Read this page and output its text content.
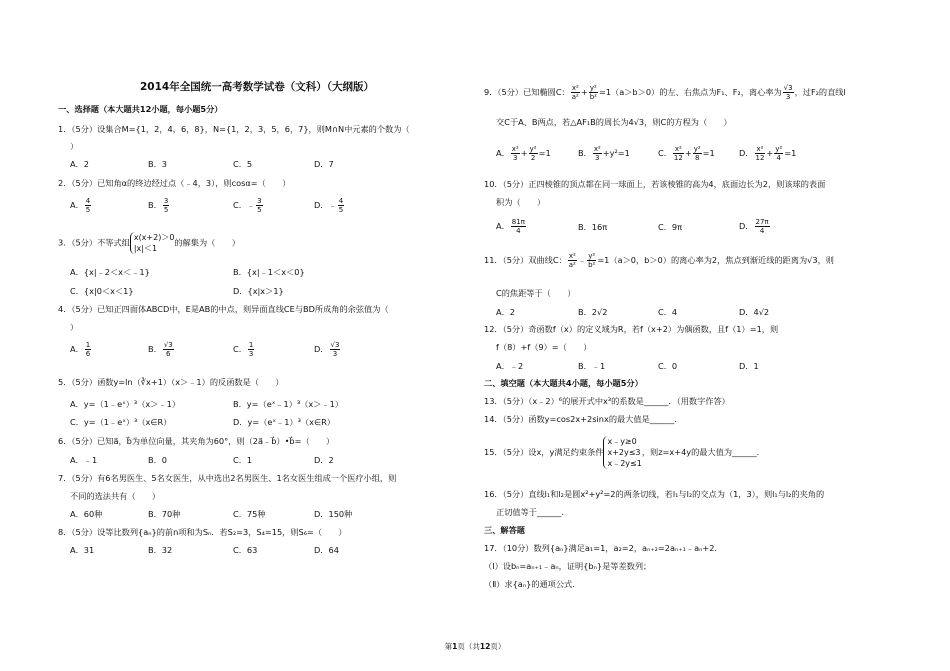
2014年全国统一高考数学试卷（文科）（大纲版）
一、选择题（本大题共12小题，每小题5分）
1．（5分）设集合M={1，2，4，6，8}，N={1，2，3，5，6，7}，则M∩N中元素的个数为（
）
A．2	B．3	C．5	D．7
2．（5分）已知角α的终边经过点（﹣4，3），则cosα=（　　）
A． $\frac{4}{5}$	B． $\frac{3}{5}$	C．﹣ $\frac{3}{5}$	D．﹣ $\frac{4}{5}$
3．（5分）不等式组 x(x+2)＞0
|x|＜1
的解集为（　　）
A．{x|﹣2＜x＜﹣1}	B．{x|﹣1＜x＜0}
C．{x|0＜x＜1}	D．{x|x＞1}
4．（5分）已知正四面体ABCD中，E是AB的中点，则异面直线CE与BD所成角的余弦值为（
）
A． $\frac{1}{6}$	B． $\frac{√3}{6}$	C． $\frac{1}{3}$	D． $\frac{√3}{3}$
5．（5分）函数y=ln（∛x+1）（x＞﹣1）的反函数是（　　）
A．y=（1﹣eˣ）³（x＞﹣1）	B．y=（eˣ﹣1）³（x＞﹣1）
C．y=（1﹣eˣ）³（x∈R）	D．y=（eˣ﹣1）³（x∈R）
6．（5分）已知a⃗，b⃗为单位向量，其夹角为60°，则（2a⃗﹣b⃗）•b⃗=（　　）
A．﹣1	B．0	C．1	D．2
7．（5分）有6名男医生、5名女医生，从中选出2名男医生、1名女医生组成一个医疗小组，则
不同的选法共有（　　）
A．60种	B．70种	C．75种	D．150种
8．（5分）设等比数列{aₙ}的前n项和为Sₙ．若S₂=3，S₄=15，则S₆=（　　）
A．31	B．32	C．63	D．64
9．（5分）已知椭圆C： $\frac{\text{x²}}{\text{a²}} + \frac{\text{y²}}{\text{b²}} =1(a>b>0)$的左、右焦点为F₁、F₂，离心率为 $\frac{√3}{3}$ ，过F₂的直线l
交C于A、B两点，若△AF₁B的周长为4√3，则C的方程为（　　）
A． $\frac{\text{x²}}{3} + \frac{\text{y²}}{2} =1$	B． $\frac{\text{x²}}{3} +y^2=1$	C． $\frac{\text{x²}}{12} + \frac{\text{y²}}{8} =1$	D． $\frac{\text{x²}}{12} + \frac{\text{y²}}{4} =1$
10．（5分）正四棱锥的顶点都在同一球面上，若该棱锥的高为4，底面边长为2，则该球的表面
积为（　　）
A． $\frac{81\pi}{4}$	B．16π	C．9π	D． $\frac{27\pi}{4}$
11．（5分）双曲线C： $\frac{\text{x²}}{\text{a²}}$ ﹣ $\frac{\text{y²}}{\text{b²}} =1(a>0$，b＞0）的离心率为2，焦点到渐近线的距离为√3，则
C的焦距等于（　　）
A．2	B．2√2	C．4	D．4√2
12．（5分）奇函数f（x）的定义域为R，若f（x+2）为偶函数，且f（1）=1，则
f（8）+f（9）=（　　）
A．﹣2	B．﹣1	C．0	D．1
二、填空题（本大题共4小题，每小题5分）
13．（5分）（x﹣2）⁶的展开式中x³的系数是______．（用数字作答）
14．（5分）函数y=cos2x+2sinx的最大值是______．
15．（5分）设x，y满足约束条件
x﹣y≥0
x+2y≤3
x﹣2y≤1
，则z=x+4y的最大值为______．
16．（5分）直线l₁和l₂是圆x²+y²=2的两条切线，若l₁与l₂的交点为（1，3），则l₁与l₂的夹角的
正切值等于______．
三、解答题
17．（10分）数列{aₙ}满足a₁=1，a₂=2，aₙ₊₂=2aₙ₊₁﹣aₙ+2．
（Ⅰ）设bₙ=aₙ₊₁﹣aₙ，证明{bₙ}是等差数列；
（Ⅱ）求{aₙ}的通项公式．
第1页（共12页）
